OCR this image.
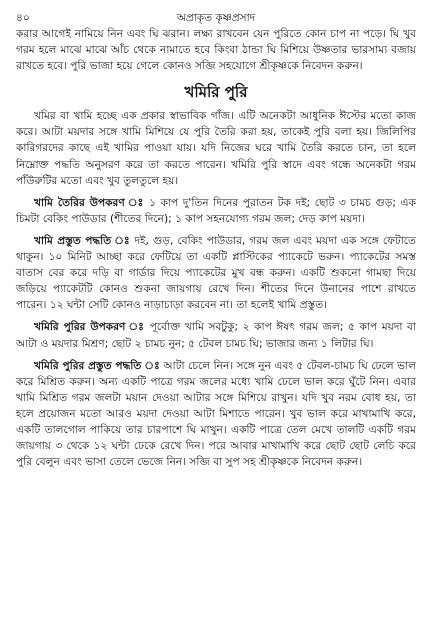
৪০	অপ্রাকৃত কৃষ্ণপ্রসাদ

করার আগেই নামিয়ে নিন এবং ঘি ঝরান। লক্ষ্য রাখবেন যেন পুরিতে কোন চাপ না পড়ে। ঘি খুব গরম হলে মাঝে মাঝে আঁচ থেকে নামাতে হবে কিংবা ঠান্ডা ঘি মিশিয়ে উষ্ণতার ভারসাম্য বজায় রাখতে হবে। পুরি ভাজা হয়ে গেলে কোনও সব্জি সহযোগে শ্রীকৃষ্ণকে নিবেদন করুন।

খমিরি পুরি

খমির বা খামি হচ্ছে এক প্রকার স্বাভাবিক গাঁজ। এটি অনেকটা আধুনিক ঈস্টের মতো কাজ করে। আটা ময়দার সঙ্গে খামি মিশিয়ে যে পুরি তৈরি করা হয়, তাকেই পুরি বলা হয়। জিলিপির কারিগরদের কাছে এই খামির পাওয়া যায়। যদি নিজের ঘরে খামি তৈরি করতে চান, তা হলে নিম্নোক্ত পদ্ধতি অনুসরণ করে তা করতে পারেন। খমিরি পুরি স্বাদে এবং গন্ধে অনেকটা গরম পাঁউরুটির মতো এবং খুব তুলতুলে হয়।

খামি তৈরির উপকরণ ঃ ১ কাপ দু'তিন দিনের পুরাতন টক দই; ছোট ৩ চামচ গুড়; এক চিমটা বেকিং পাউডার (শীতের দিনে); ১ কাপ সহনযোগ্য গরম জল; দেড় কাপ ময়দা।

খামি প্রস্তুত পদ্ধতি ঃ দই, গুড়, বেকিং পাউডার, গরম জল এবং ময়দা এক সঙ্গে ফেটাতে থাকুন। ১০ মিনিট আচ্ছা করে ফেটিয়ে তা একটি প্লাস্টিকের প্যাকেটে ভরুন। প্যাকেটের সমস্ত বাতাস বের করে দড়ি বা গার্ডার দিয়ে প্যাকেটের মুখ বন্ধ করুন। একটি শুকনো গামছা দিয়ে জড়িয়ে প্যাকেটটি কোনও শুকনা জায়গায় রেখে দিন। শীতের দিনে উনানের পাশে রাখতে পারেন। ১২ ঘন্টা সেটি কোনও নাড়াচাড়া করবেন না। তা হলেই খামি প্রস্তুত।

খমিরি পুরির উপকরণ ঃ পূর্বোক্ত খামি সবটুকু; ২ কাপ ঈষৎ গরম জল; ৫ কাপ ময়দা বা আটা ও ময়দার মিশ্রণ; ছোট ২ চামচ নুন; ৫ টেবল চামচ ঘি; ভাজার জন্য ১ লিটার ঘি।

খমিরি পুরির প্রস্তুত পদ্ধতি ঃ আটা চেলে নিন। সঙ্গে নুন এবং ৫ টেবল-চামচ ঘি ঢেলে ভাল করে মিশ্রিত করুন। অন্য একটি পাত্রে গরম জলের মধ্যে খামি ঢেলে ভাল করে ঘুঁটে নিন। এবার খামি মিশ্রিত গরম জলটা ময়ান দেওয়া আটার সঙ্গে মিশিয়ে রাখুন। যদি খুব নরম বোধ হয়, তা হলে প্রয়োজন মতো আরও ময়দা দেওয়া আটা মিশাতে পারেন। খুব ভাল করে মাখামাখি করে, একটি তালগোল পাকিয়ে তার চারপাশে ঘি মাখুন। একটি পাত্রে তেল মেখে তালটি একটি গরম জায়গায় ৩ থেকে ১২ ঘন্টা ঢেকে রেখে দিন। পরে আবার মাখামাখি করে ছোট ছোট লেচি করে পুরি বেলুন এবং ভাসা তেলে ভেজে নিন। সব্জি বা সুপ সহ শ্রীকৃষ্ণকে নিবেদন করুন।
